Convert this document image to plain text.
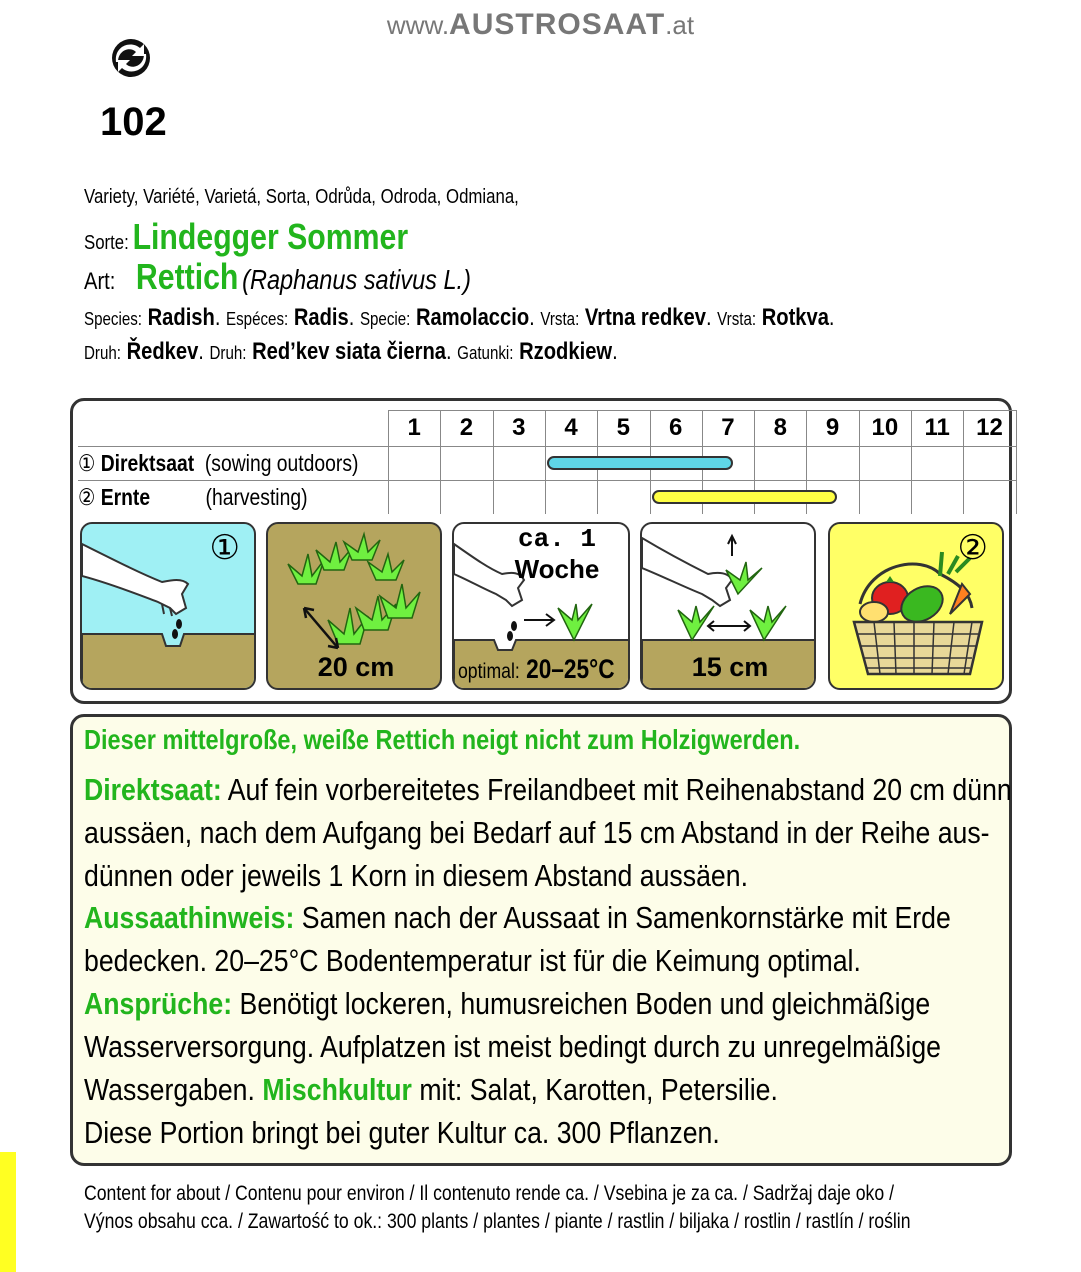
www.AUSTROSAAT.at
102
Variety, Variété, Varietá, Sorta, Odrůda, Odroda, Odmiana,
Sorte: Lindegger Sommer
Art: Rettich (Raphanus sativus L.)
Species: Radish. Espéces: Radis. Specie: Ramolaccio. Vrsta: Vrtna redkev. Vrsta: Rotkva.
Druh: Ředkev. Druh: Red’kev siata čierna. Gatunki: Rzodkiew.
① Direktsaat (sowing outdoors)
② Ernte (harvesting)
1	2	3	4	5	6	7	8	9	10	11	12
①
20 cm
ca. 1
Woche
optimal: 20–25°C	15 cm
②
Dieser mittelgroße, weiße Rettich neigt nicht zum Holzigwerden.
Direktsaat: Auf fein vorbereitetes Freilandbeet mit Reihenabstand 20 cm dünn
aussäen, nach dem Aufgang bei Bedarf auf 15 cm Abstand in der Reihe aus-
dünnen oder jeweils 1 Korn in diesem Abstand aussäen.
Aussaathinweis: Samen nach der Aussaat in Samenkornstärke mit Erde
bedecken. 20–25°C Bodentemperatur ist für die Keimung optimal.
Ansprüche: Benötigt lockeren, humusreichen Boden und gleichmäßige
Wasserversorgung. Aufplatzen ist meist bedingt durch zu unregelmäßige
Wassergaben. Mischkultur mit: Salat, Karotten, Petersilie.
Diese Portion bringt bei guter Kultur ca. 300 Pflanzen.
Content for about / Contenu pour environ / Il contenuto rende ca. / Vsebina je za ca. / Sadržaj daje oko /
Výnos obsahu cca. / Zawartość to ok.: 300 plants / plantes / piante / rastlin / biljaka / rostlin / rastlín / roślin
